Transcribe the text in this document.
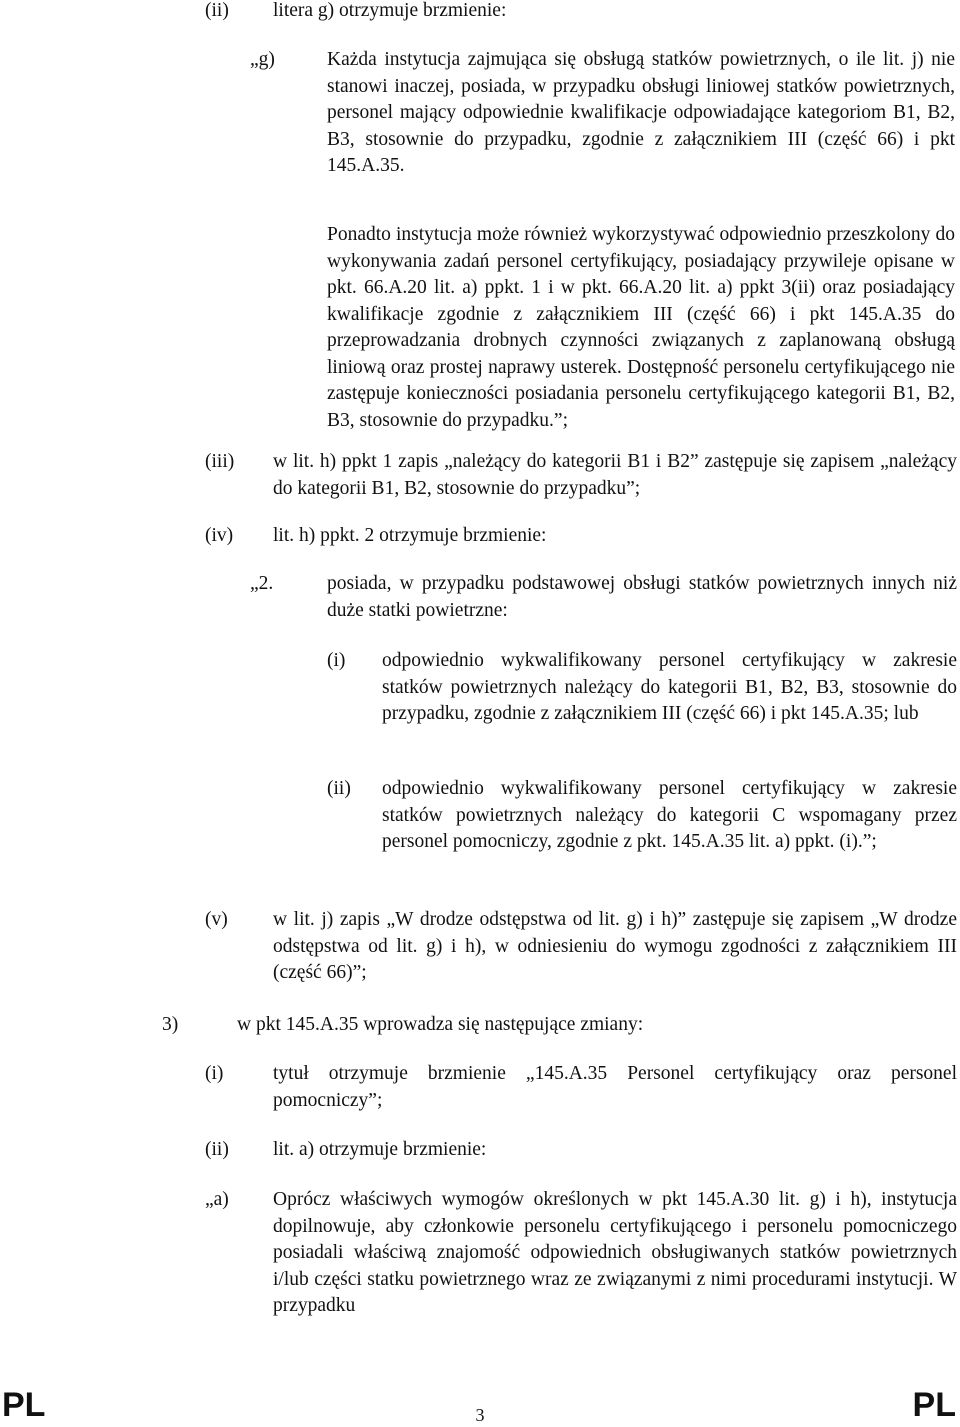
(ii) litera g) otrzymuje brzmienie:

„g)	Każda instytucja zajmująca się obsługą statków powietrznych, o ile lit. j) nie stanowi inaczej, posiada, w przypadku obsługi liniowej statków powietrznych, personel mający odpowiednie kwalifikacje odpowiadające kategoriom B1, B2, B3, stosownie do przypadku, zgodnie z załącznikiem III (część 66) i pkt 145.A.35.

Ponadto instytucja może również wykorzystywać odpowiednio przeszkolony do wykonywania zadań personel certyfikujący, posiadający przywileje opisane w pkt. 66.A.20 lit. a) ppkt. 1 i w pkt. 66.A.20 lit. a) ppkt 3(ii) oraz posiadający kwalifikacje zgodnie z załącznikiem III (część 66) i pkt 145.A.35 do przeprowadzania drobnych czynności związanych z zaplanowaną obsługą liniową oraz prostej naprawy usterek. Dostępność personelu certyfikującego nie zastępuje konieczności posiadania personelu certyfikującego kategorii B1, B2, B3, stosownie do przypadku.”;

(iii) w lit. h) ppkt 1 zapis „należący do kategorii B1 i B2” zastępuje się zapisem „należący do kategorii B1, B2, stosownie do przypadku”;

(iv) lit. h) ppkt. 2 otrzymuje brzmienie:

„2.	posiada, w przypadku podstawowej obsługi statków powietrznych innych niż duże statki powietrzne:

(i) odpowiednio wykwalifikowany personel certyfikujący w zakresie statków powietrznych należący do kategorii B1, B2, B3, stosownie do przypadku, zgodnie z załącznikiem III (część 66) i pkt 145.A.35; lub

(ii) odpowiednio wykwalifikowany personel certyfikujący w zakresie statków powietrznych należący do kategorii C wspomagany przez personel pomocniczy, zgodnie z pkt. 145.A.35 lit. a) ppkt. (i).”;

(v) w lit. j) zapis „W drodze odstępstwa od lit. g) i h)” zastępuje się zapisem „W drodze odstępstwa od lit. g) i h), w odniesieniu do wymogu zgodności z załącznikiem III (część 66)”;

3)	w pkt 145.A.35 wprowadza się następujące zmiany:

(i)	tytuł otrzymuje brzmienie „145.A.35 Personel certyfikujący oraz personel pomocniczy”;

(ii) lit. a) otrzymuje brzmienie:

„a) Oprócz właściwych wymogów określonych w pkt 145.A.30 lit. g) i h), instytucja dopilnowuje, aby członkowie personelu certyfikującego i personelu pomocniczego posiadali właściwą znajomość odpowiednich obsługiwanych statków powietrznych i/lub części statku powietrznego wraz ze związanymi z nimi procedurami instytucji. W przypadku

PL	3	PL
